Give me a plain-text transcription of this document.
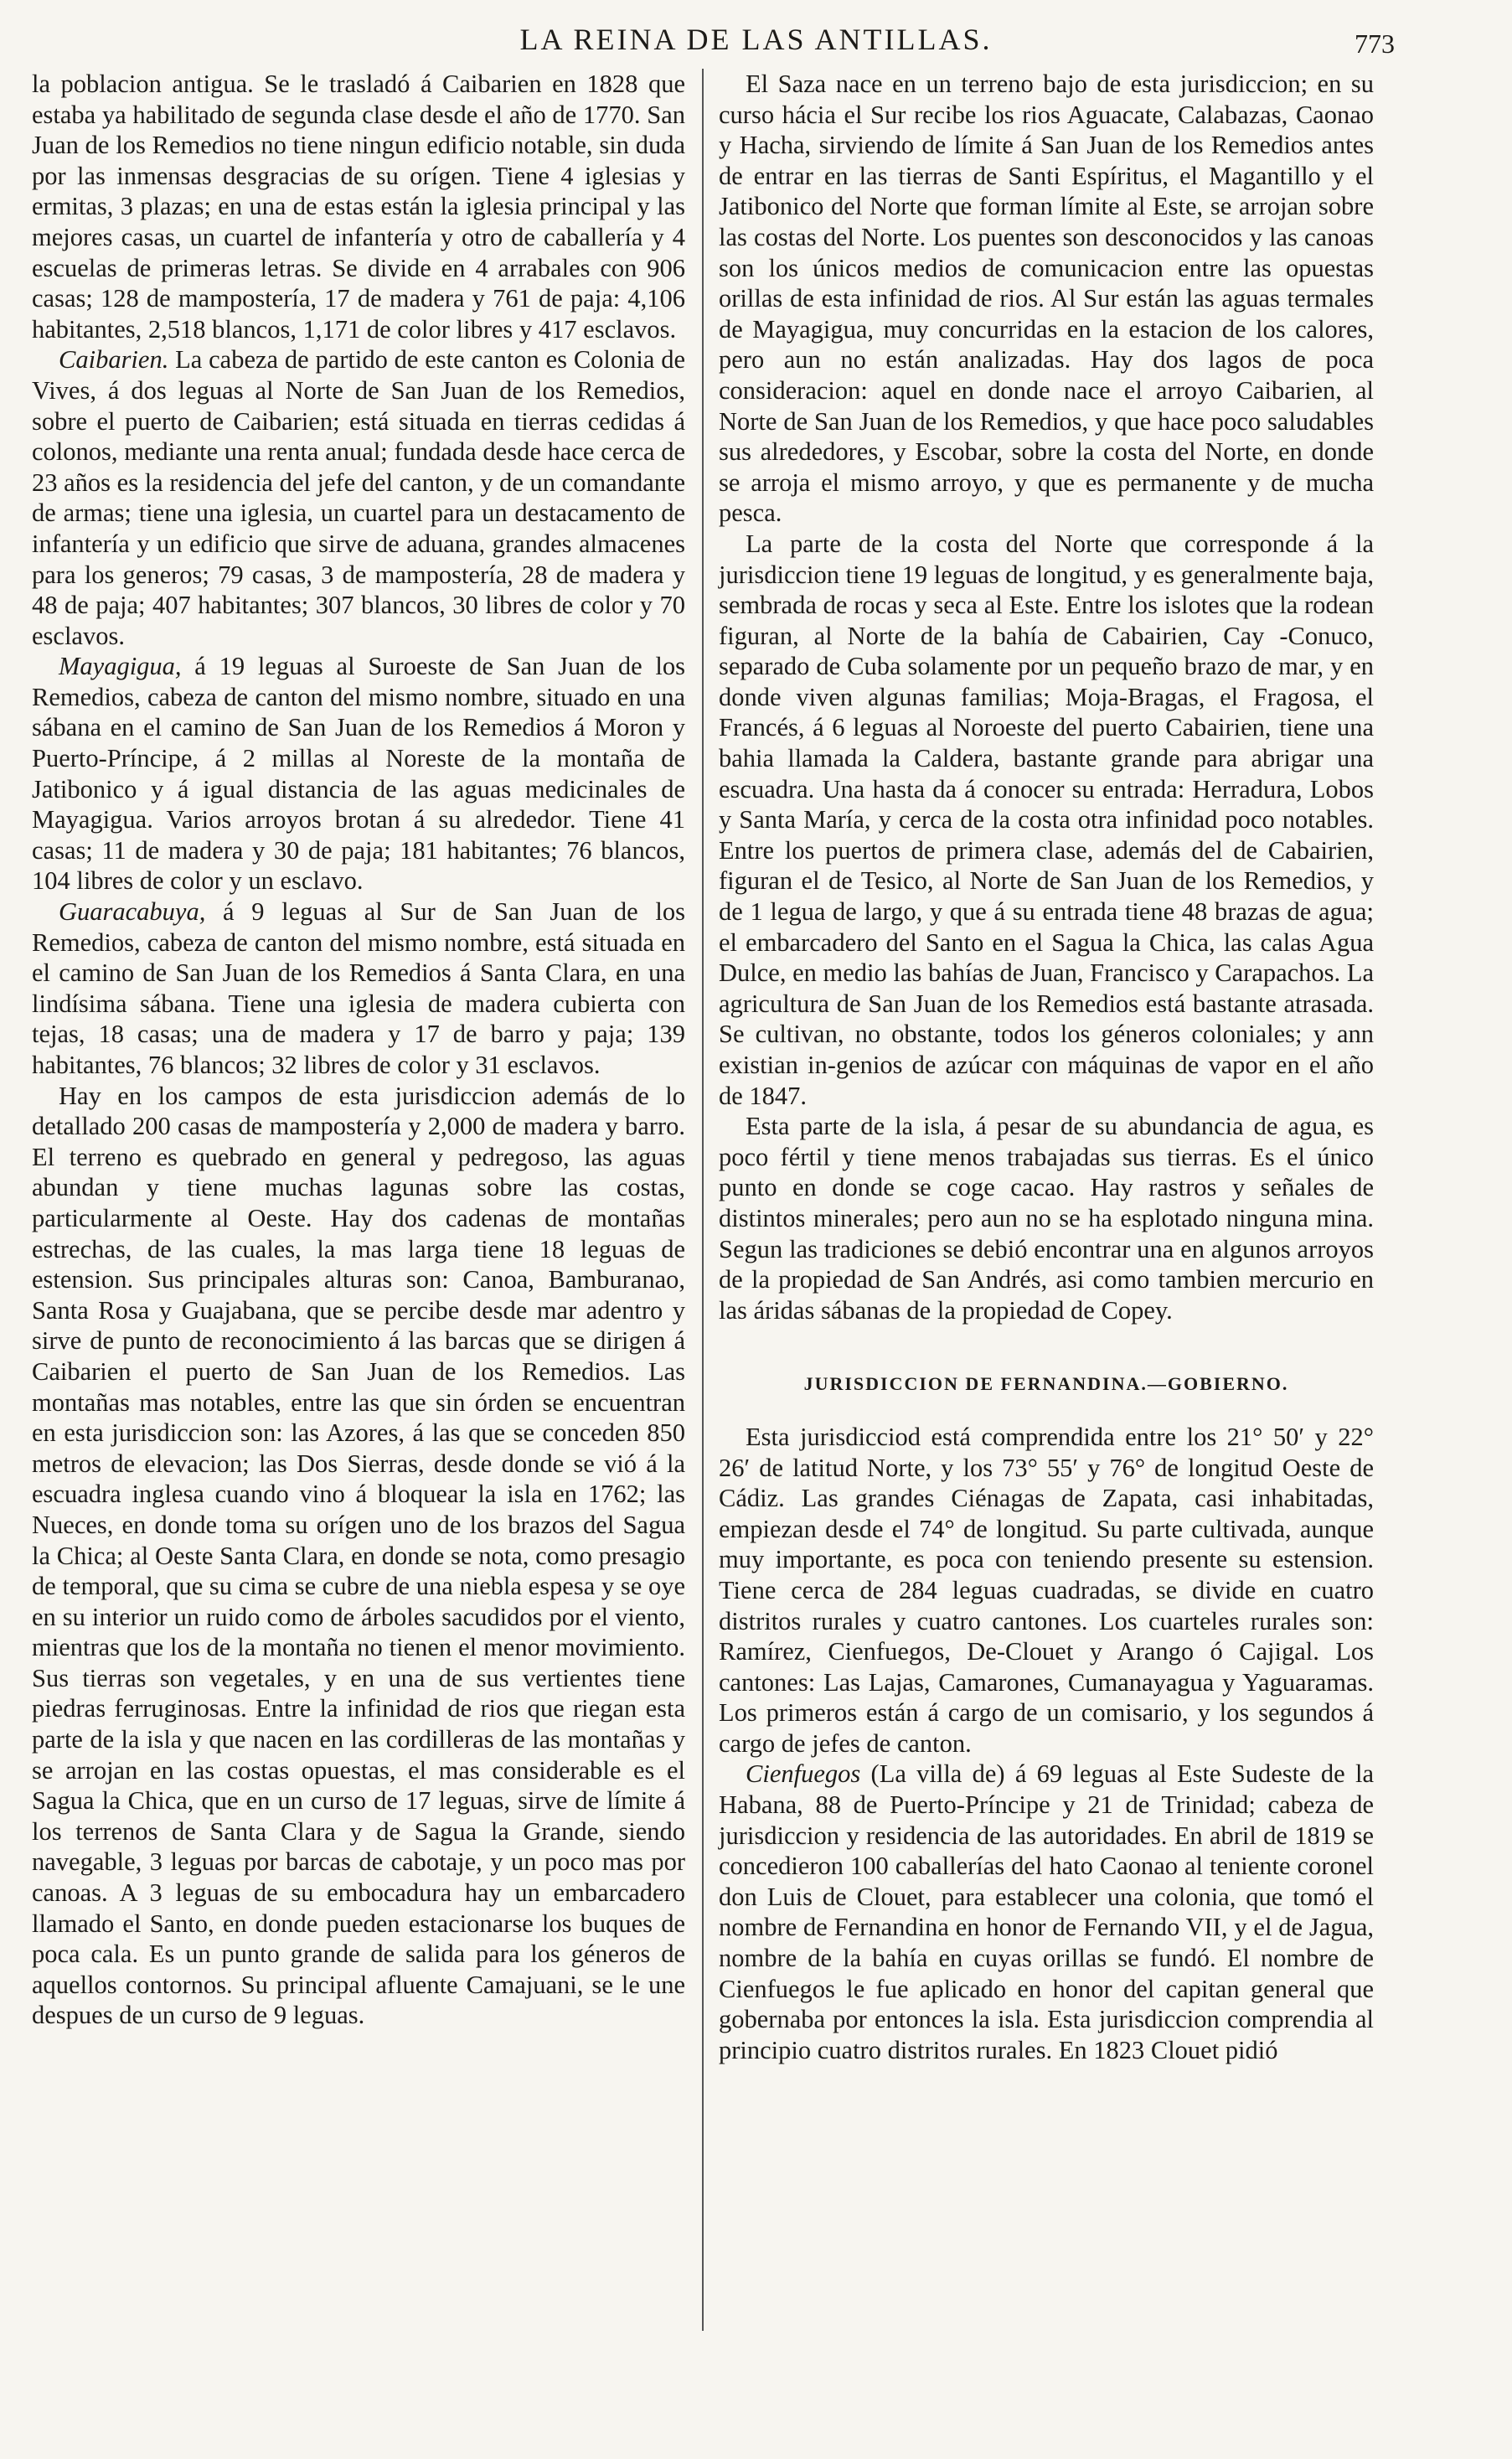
LA REINA DE LAS ANTILLAS.	773

la poblacion antigua. Se le trasladó á Caibarien en 1828 que estaba ya habilitado de segunda clase desde el año de 1770. San Juan de los Remedios no tiene ningun edificio notable, sin duda por las inmensas desgracias de su orígen. Tiene 4 iglesias y ermitas, 3 plazas; en una de estas están la iglesia principal y las mejores casas, un cuartel de infantería y otro de caballería y 4 escuelas de primeras letras. Se divide en 4 arrabales con 906 casas; 128 de mampostería, 17 de madera y 761 de paja: 4,106 habitantes, 2,518 blancos, 1,171 de color libres y 417 esclavos.

Caibarien. La cabeza de partido de este canton es Colonia de Vives, á dos leguas al Norte de San Juan de los Remedios, sobre el puerto de Caibarien; está situada en tierras cedidas á colonos, mediante una renta anual; fundada desde hace cerca de 23 años es la residencia del jefe del canton, y de un comandante de armas; tiene una iglesia, un cuartel para un destacamento de infantería y un edificio que sirve de aduana, grandes almacenes para los generos; 79 casas, 3 de mampostería, 28 de madera y 48 de paja; 407 habitantes; 307 blancos, 30 libres de color y 70 esclavos.

Mayagigua, á 19 leguas al Suroeste de San Juan de los Remedios, cabeza de canton del mismo nombre, situado en una sábana en el camino de San Juan de los Remedios á Moron y Puerto-Príncipe, á 2 millas al Noreste de la montaña de Jatibonico y á igual distancia de las aguas medicinales de Mayagigua. Varios arroyos brotan á su alrededor. Tiene 41 casas; 11 de madera y 30 de paja; 181 habitantes; 76 blancos, 104 libres de color y un esclavo.

Guaracabuya, á 9 leguas al Sur de San Juan de los Remedios, cabeza de canton del mismo nombre, está situada en el camino de San Juan de los Remedios á Santa Clara, en una lindísima sábana. Tiene una iglesia de madera cubierta con tejas, 18 casas; una de madera y 17 de barro y paja; 139 habitantes, 76 blancos; 32 libres de color y 31 esclavos.

Hay en los campos de esta jurisdiccion además de lo detallado 200 casas de mampostería y 2,000 de madera y barro. El terreno es quebrado en general y pedregoso, las aguas abundan y tiene muchas lagunas sobre las costas, particularmente al Oeste. Hay dos cadenas de montañas estrechas, de las cuales, la mas larga tiene 18 leguas de estension. Sus principales alturas son: Canoa, Bamburanao, Santa Rosa y Guajabana, que se percibe desde mar adentro y sirve de punto de reconocimiento á las barcas que se dirigen á Caibarien el puerto de San Juan de los Remedios. Las montañas mas notables, entre las que sin órden se encuentran en esta jurisdiccion son: las Azores, á las que se conceden 850 metros de elevacion; las Dos Sierras, desde donde se vió á la escuadra inglesa cuando vino á bloquear la isla en 1762; las Nueces, en donde toma su orígen uno de los brazos del Sagua la Chica; al Oeste Santa Clara, en donde se nota, como presagio de temporal, que su cima se cubre de una niebla espesa y se oye en su interior un ruido como de árboles sacudidos por el viento, mientras que los de la montaña no tienen el menor movimiento. Sus tierras son vegetales, y en una de sus vertientes tiene piedras ferruginosas. Entre la infinidad de rios que riegan esta parte de la isla y que nacen en las cordilleras de las montañas y se arrojan en las costas opuestas, el mas considerable es el Sagua la Chica, que en un curso de 17 leguas, sirve de límite á los terrenos de Santa Clara y de Sagua la Grande, siendo navegable, 3 leguas por barcas de cabotaje, y un poco mas por canoas. A 3 leguas de su embocadura hay un embarcadero llamado el Santo, en donde pueden estacionarse los buques de poca cala. Es un punto grande de salida para los géneros de aquellos contornos. Su principal afluente Camajuani, se le une despues de un curso de 9 leguas.

El Saza nace en un terreno bajo de esta jurisdiccion; en su curso hácia el Sur recibe los rios Aguacate, Calabazas, Caonao y Hacha, sirviendo de límite á San Juan de los Remedios antes de entrar en las tierras de Santi Espíritus, el Magantillo y el Jatibonico del Norte que forman límite al Este, se arrojan sobre las costas del Norte. Los puentes son desconocidos y las canoas son los únicos medios de comunicacion entre las opuestas orillas de esta infinidad de rios. Al Sur están las aguas termales de Mayagigua, muy concurridas en la estacion de los calores, pero aun no están analizadas. Hay dos lagos de poca consideracion: aquel en donde nace el arroyo Caibarien, al Norte de San Juan de los Remedios, y que hace poco saludables sus alrededores, y Escobar, sobre la costa del Norte, en donde se arroja el mismo arroyo, y que es permanente y de mucha pesca.

La parte de la costa del Norte que corresponde á la jurisdiccion tiene 19 leguas de longitud, y es generalmente baja, sembrada de rocas y seca al Este. Entre los islotes que la rodean figuran, al Norte de la bahía de Cabairien, Cay -Conuco, separado de Cuba solamente por un pequeño brazo de mar, y en donde viven algunas familias; Moja-Bragas, el Fragosa, el Francés, á 6 leguas al Noroeste del puerto Cabairien, tiene una bahia llamada la Caldera, bastante grande para abrigar una escuadra. Una hasta da á conocer su entrada: Herradura, Lobos y Santa María, y cerca de la costa otra infinidad poco notables. Entre los puertos de primera clase, además del de Cabairien, figuran el de Tesico, al Norte de San Juan de los Remedios, y de 1 legua de largo, y que á su entrada tiene 48 brazas de agua; el embarcadero del Santo en el Sagua la Chica, las calas Agua Dulce, en medio las bahías de Juan, Francisco y Carapachos. La agricultura de San Juan de los Remedios está bastante atrasada. Se cultivan, no obstante, todos los géneros coloniales; y ann existian in-genios de azúcar con máquinas de vapor en el año de 1847.

Esta parte de la isla, á pesar de su abundancia de agua, es poco fértil y tiene menos trabajadas sus tierras. Es el único punto en donde se coge cacao. Hay rastros y señales de distintos minerales; pero aun no se ha esplotado ninguna mina. Segun las tradiciones se debió encontrar una en algunos arroyos de la propiedad de San Andrés, asi como tambien mercurio en las áridas sábanas de la propiedad de Copey.

JURISDICCION DE FERNANDINA.—GOBIERNO.

Esta jurisdicciod está comprendida entre los 21° 50′ y 22° 26′ de latitud Norte, y los 73° 55′ y 76° de longitud Oeste de Cádiz. Las grandes Ciénagas de Zapata, casi inhabitadas, empiezan desde el 74° de longitud. Su parte cultivada, aunque muy importante, es poca con teniendo presente su estension. Tiene cerca de 284 leguas cuadradas, se divide en cuatro distritos rurales y cuatro cantones. Los cuarteles rurales son: Ramírez, Cienfuegos, De-Clouet y Arango ó Cajigal. Los cantones: Las Lajas, Camarones, Cumanayagua y Yaguaramas. Los primeros están á cargo de un comisario, y los segundos á cargo de jefes de canton.

Cienfuegos (La villa de) á 69 leguas al Este Sudeste de la Habana, 88 de Puerto-Príncipe y 21 de Trinidad; cabeza de jurisdiccion y residencia de las autoridades. En abril de 1819 se concedieron 100 caballerías del hato Caonao al teniente coronel don Luis de Clouet, para establecer una colonia, que tomó el nombre de Fernandina en honor de Fernando VII, y el de Jagua, nombre de la bahía en cuyas orillas se fundó. El nombre de Cienfuegos le fue aplicado en honor del capitan general que gobernaba por entonces la isla. Esta jurisdiccion comprendia al principio cuatro distritos rurales. En 1823 Clouet pidió
